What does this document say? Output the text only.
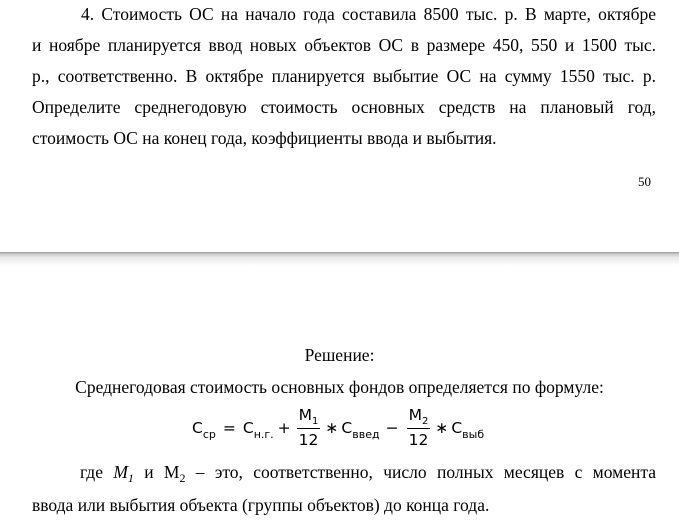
4. Стоимость ОС на начало года составила 8500 тыс. р. В марте, октябре
и ноябре планируется ввод новых объектов ОС в размере 450, 550 и 1500 тыс.
р., соответственно. В октябре планируется выбытие ОС на сумму 1550 тыс. р.
Определите среднегодовую стоимость основных средств на плановый год,
стоимость ОС на конец года, коэффициенты ввода и выбытия.

50
Решение:
Среднегодовая стоимость основных фондов определяется по формуле:
$C_{ср} = C_{н.г.} + \frac{M_1}{12}$ ∗ $C_{введ} - \frac{M_2}{12}$ ∗ $C_{выб}$
где $M_1$ и $M_2$ – это, соответственно, число полных месяцев с момента
ввода или выбытия объекта (группы объектов) до конца года.
